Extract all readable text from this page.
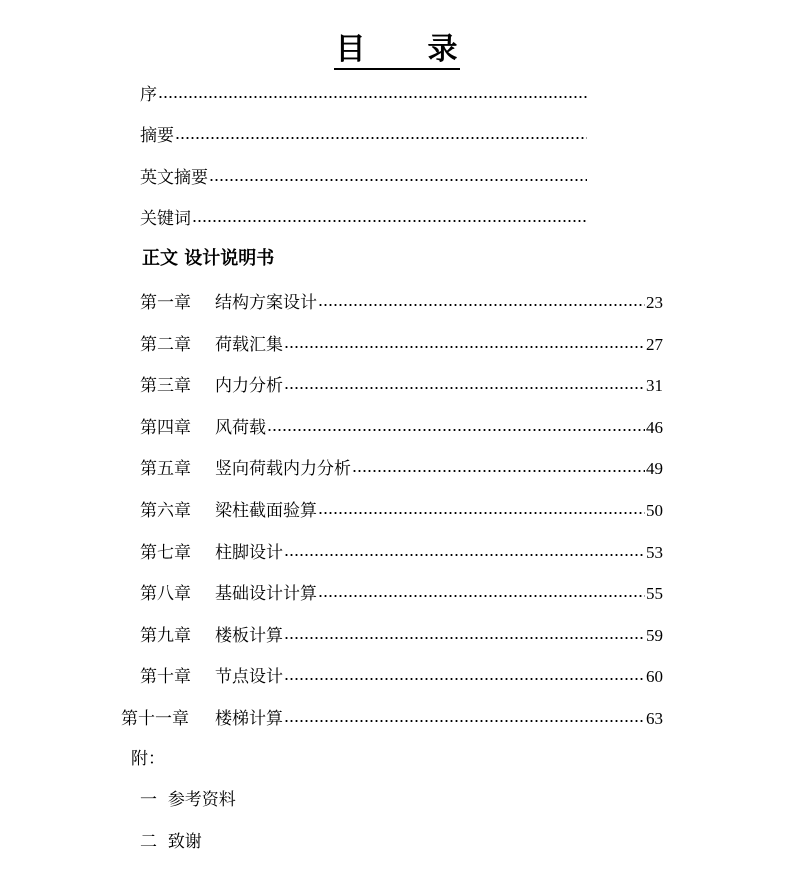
目 录
序
摘要
英文摘要
关键词
正文 设计说明书
第一章	结构方案设计	23
第二章	荷载汇集	27
第三章	内力分析	31
第四章	风荷载	46
第五章	竖向荷载内力分析	49
第六章	梁柱截面验算	50
第七章	柱脚设计	53
第八章	基础设计计算	55
第九章	楼板计算	59
第十章	节点设计	60
第十一章	楼梯计算	63
附：
一 参考资料
二 致谢
